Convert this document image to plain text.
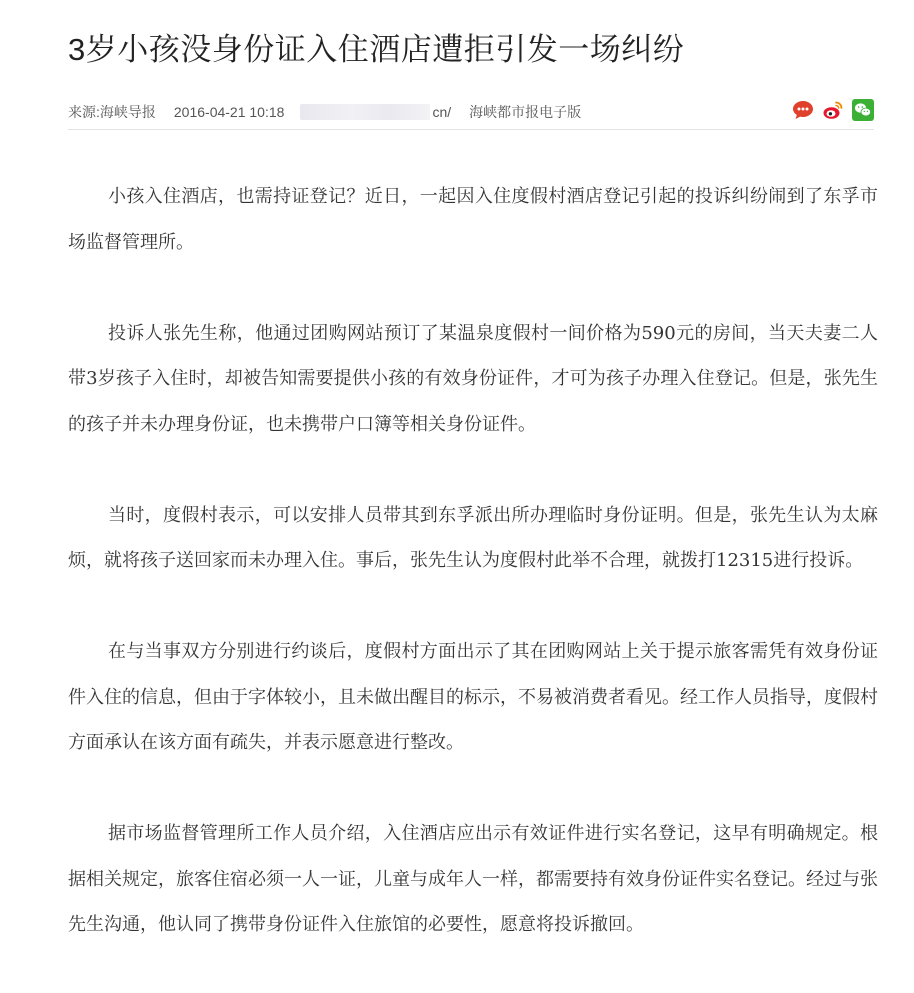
3岁小孩没身份证入住酒店遭拒引发一场纠纷
来源:海峡导报 2016-04-21 10:18	cn/ 海峡都市报电子版

小孩入住酒店，也需持证登记？近日，一起因入住度假村酒店登记引起的投诉纠纷闹到了东孚市场监督管理所。

投诉人张先生称，他通过团购网站预订了某温泉度假村一间价格为590元的房间，当天夫妻二人带3岁孩子入住时，却被告知需要提供小孩的有效身份证件，才可为孩子办理入住登记。但是，张先生的孩子并未办理身份证，也未携带户口簿等相关身份证件。

当时，度假村表示，可以安排人员带其到东孚派出所办理临时身份证明。但是，张先生认为太麻烦，就将孩子送回家而未办理入住。事后，张先生认为度假村此举不合理，就拨打12315进行投诉。

在与当事双方分别进行约谈后，度假村方面出示了其在团购网站上关于提示旅客需凭有效身份证件入住的信息，但由于字体较小，且未做出醒目的标示，不易被消费者看见。经工作人员指导，度假村方面承认在该方面有疏失，并表示愿意进行整改。

据市场监督管理所工作人员介绍，入住酒店应出示有效证件进行实名登记，这早有明确规定。根据相关规定，旅客住宿必须一人一证，儿童与成年人一样，都需要持有效身份证件实名登记。经过与张先生沟通，他认同了携带身份证件入住旅馆的必要性，愿意将投诉撤回。
